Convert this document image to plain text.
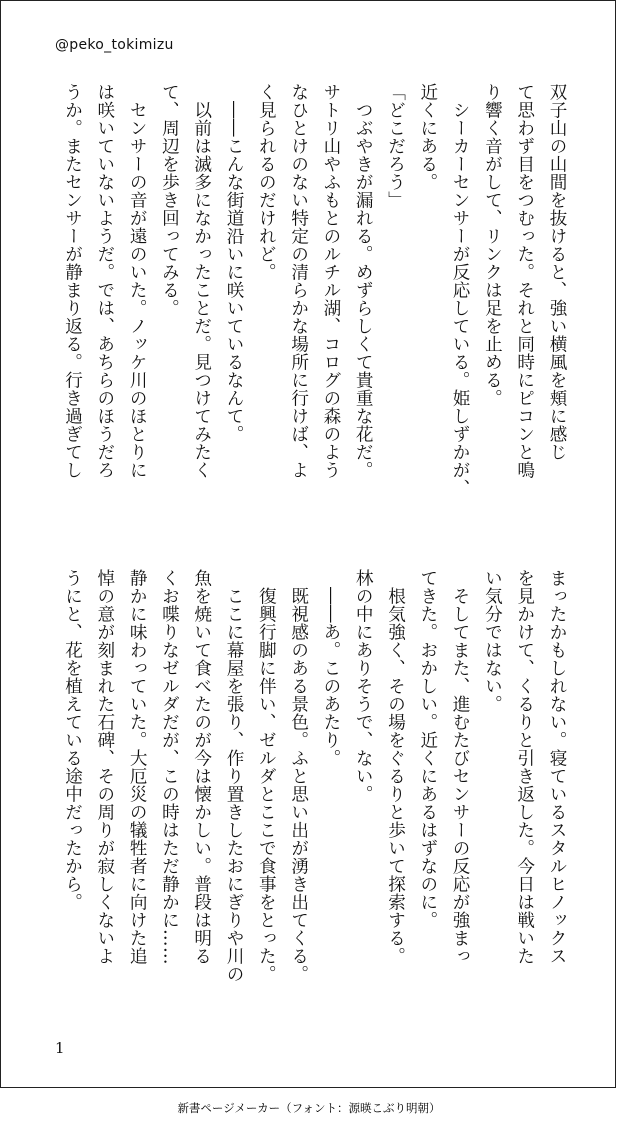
@peko_tokimizu
双子山の山間を抜けると、強い横風を頬に感じ
て思わず目をつむった。それと同時にピコンと鳴
り響く音がして、リンクは足を止める。
　シーカーセンサーが反応している。姫しずかが、
近くにある。
「どこだろう」
　つぶやきが漏れる。めずらしくて貴重な花だ。
サトリ山やふもとのルチル湖、コログの森のよう
なひとけのない特定の清らかな場所に行けば、よ
く見られるのだけれど。
　――こんな街道沿いに咲いているなんて。
　以前は滅多になかったことだ。見つけてみたく
て、周辺を歩き回ってみる。
　センサーの音が遠のいた。ノッケ川のほとりに
は咲いていないようだ。では、あちらのほうだろ
うか。またセンサーが静まり返る。行き過ぎてし
まったかもしれない。寝ているスタルヒノックス
を見かけて、くるりと引き返した。今日は戦いた
い気分ではない。
　そしてまた、進むたびセンサーの反応が強まっ
てきた。おかしい。近くにあるはずなのに。
　根気強く、その場をぐるりと歩いて探索する。
林の中にありそうで、ない。
　――あ。このあたり。
　既視感のある景色。ふと思い出が湧き出てくる。
　復興行脚に伴い、ゼルダとここで食事をとった。
　ここに幕屋を張り、作り置きしたおにぎりや川の
魚を焼いて食べたのが今は懐かしい。普段は明る
くお喋りなゼルダだが、この時はただ静かに……
静かに味わっていた。大厄災の犠牲者に向けた追
悼の意が刻まれた石碑、その周りが寂しくないよ
うにと、花を植えている途中だったから。
1
新書ページメーカー（フォント：源暎こぶり明朝）
